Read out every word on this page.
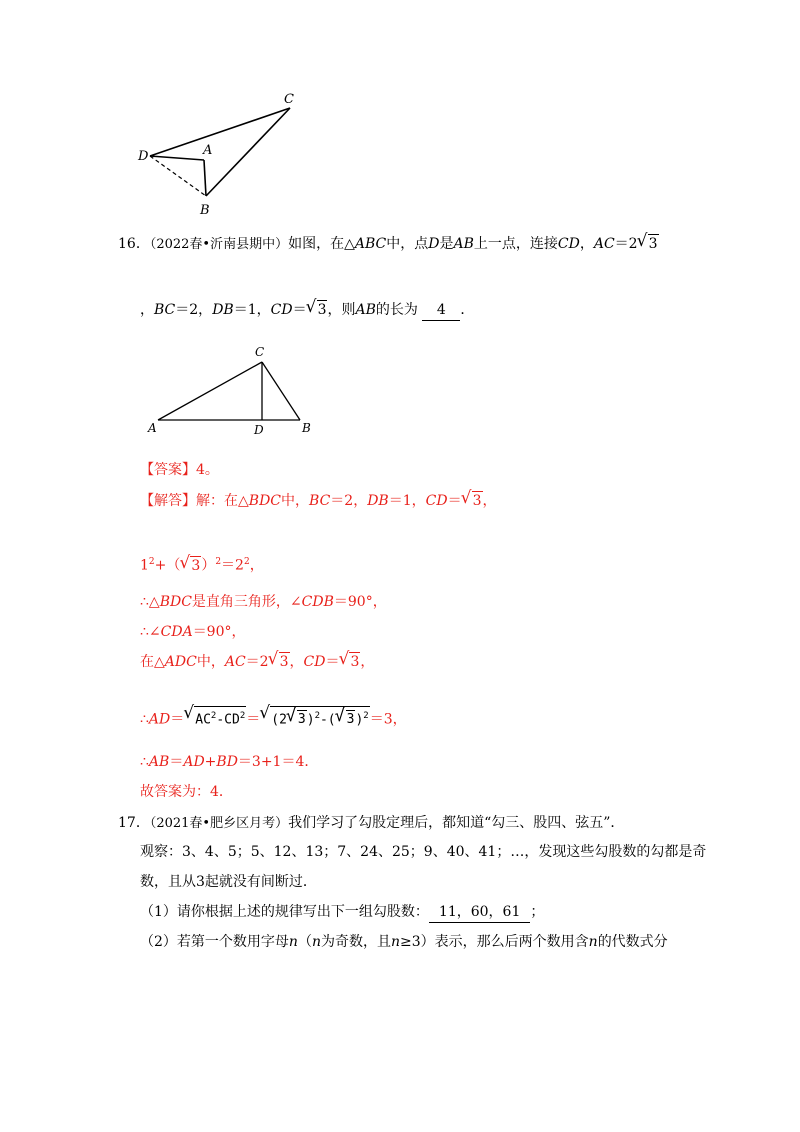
C
D	A
B
16．（2022春•沂南县期中）如图，在△ABC中，点D是AB上一点，连接CD，AC＝2√ 3
，BC＝2，DB＝1，CD＝√ 3，则AB的长为 4 ．
C
A	D	B
【答案】4。
【解答】解：在△BDC中，BC＝2，DB＝1，CD＝√ 3，
$1^2+(√$ $3)^2=2^2$，
∴△BDC是直角三角形，∠CDB＝90°，
∴∠CDA＝90°，
在△ADC中，AC＝2√ 3，CD＝√ 3，
∴AD＝√ $AC^2-CD^2=√$ (2√ 3)$^2$-(√ 3)$^2$＝3，
∴AB＝AD+BD＝3+1＝4．
故答案为：4．
17．（2021春•肥乡区月考）我们学习了勾股定理后，都知道“勾三、股四、弦五”．
观察：3、4、5；5、12、13；7、24、25；9、40、41；…，发现这些勾股数的勾都是奇
数，且从3起就没有间断过．
（1）请你根据上述的规律写出下一组勾股数： 11，60，61 ；
（2）若第一个数用字母n（n为奇数，且n≥3）表示，那么后两个数用含n的代数式分
